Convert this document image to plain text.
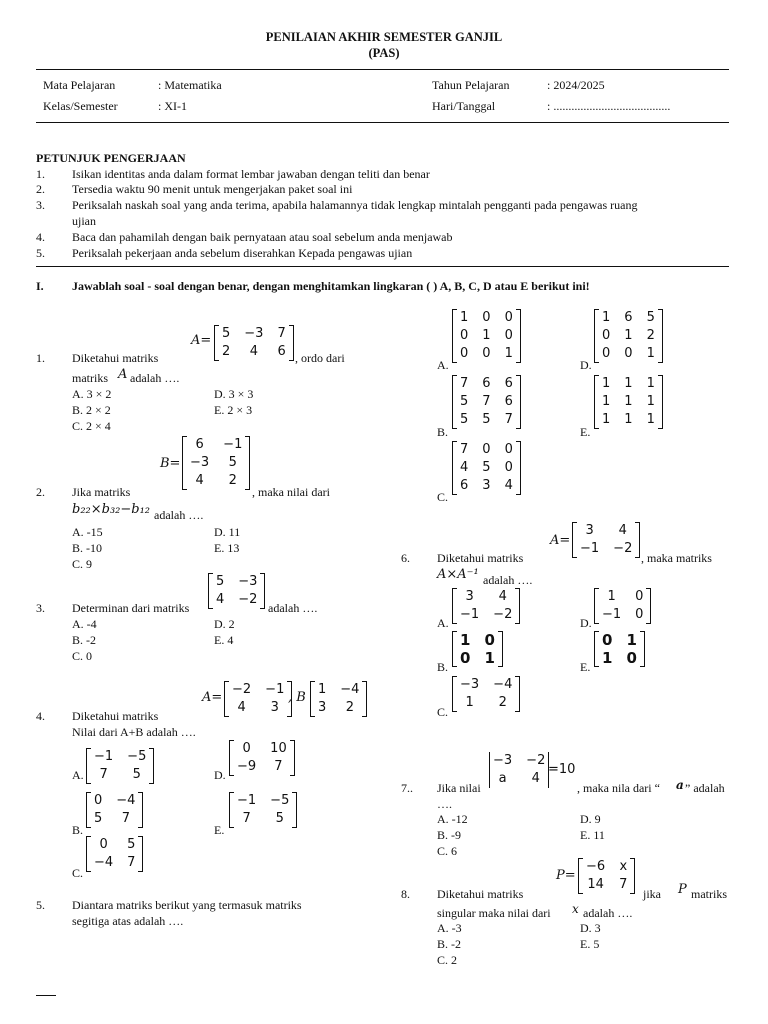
PENILAIAN AKHIR SEMESTER GANJIL
(PAS)
Mata Pelajaran	: Matematika
Kelas/Semester	: XI-1
Tahun Pelajaran	: 2024/2025
Hari/Tanggal	: .......................................
PETUNJUK PENGERJAAN
1. Isikan identitas anda dalam format lembar jawaban dengan teliti dan benar
2. Tersedia waktu 90 menit untuk mengerjakan paket soal ini
3. Periksalah naskah soal yang anda terima, apabila halamannya tidak lengkap mintalah pengganti pada pengawas ruang
ujian
4. Baca dan pahamilah dengan baik pernyataan atau soal sebelum anda menjawab
5. Periksalah pekerjaan anda sebelum diserahkan Kepada pengawas ujian
I. Jawablah soal - soal dengan benar, dengan menghitamkan lingkaran ( ) A, B, C, D atau E berikut ini!
1. Diketahui matriks
A= 5 −3 7
2	4	6 , ordo dari
matriks A adalah ….
A. 3 × 2
B. 2 × 2
C. 2 × 4
D. 3 × 3
E. 2 × 3
2. Jika matriks
B=
6	−1
−3	5
4	2
, maka nilai dari
b₂₂×b₃₂−b₁₂ adalah ….
A. -15
B. -10
C. 9
D. 11
E. 13
3. Determinan dari matriks
5 −3
4 −2
adalah ….
A. -4
B. -2
C. 0
D. 2
E. 4
4. Diketahui matriks
A=
−2 −1
4	3
, B
1 −4
3	2
Nilai dari A+B adalah ….
A.
−1 −5
7	5
B.
0 −4
5	7
C.
0	5
−4 7
D.
0	10
−9	7
E.
−1 −5
7	5
5. Diantara matriks berikut yang termasuk matriks
segitiga atas adalah ….
A.
1 0 0
0 1 0
0 0 1
B.
7 6 6
5 7 6
5 5 7
C.
7 0 0
4 5 0
6 3 4
D.
1 6 5
0 1 2
0 0 1
E.
1 1 1
1 1 1
1 1 1
6. Diketahui matriks
A=
3	4
−1 −2
, maka matriks
A×A⁻¹ adalah ….
A.
3	4
−1 −2
B.
1 0
0 1
C.
−3 −4
1	2
D.
1	0
−1 0
E.
0 1
1 0
7.. Jika nilai
−3 −2
a	4
=10
, maka nila dari “ a ” adalah
….
A. -12
B. -9
C. 6
D. 9
E. 11
8. Diketahui matriks
P=
−6 x
14 7
jika P matriks
singular maka nilai dari x adalah ….
A. -3
B. -2
C. 2
D. 3
E. 5
